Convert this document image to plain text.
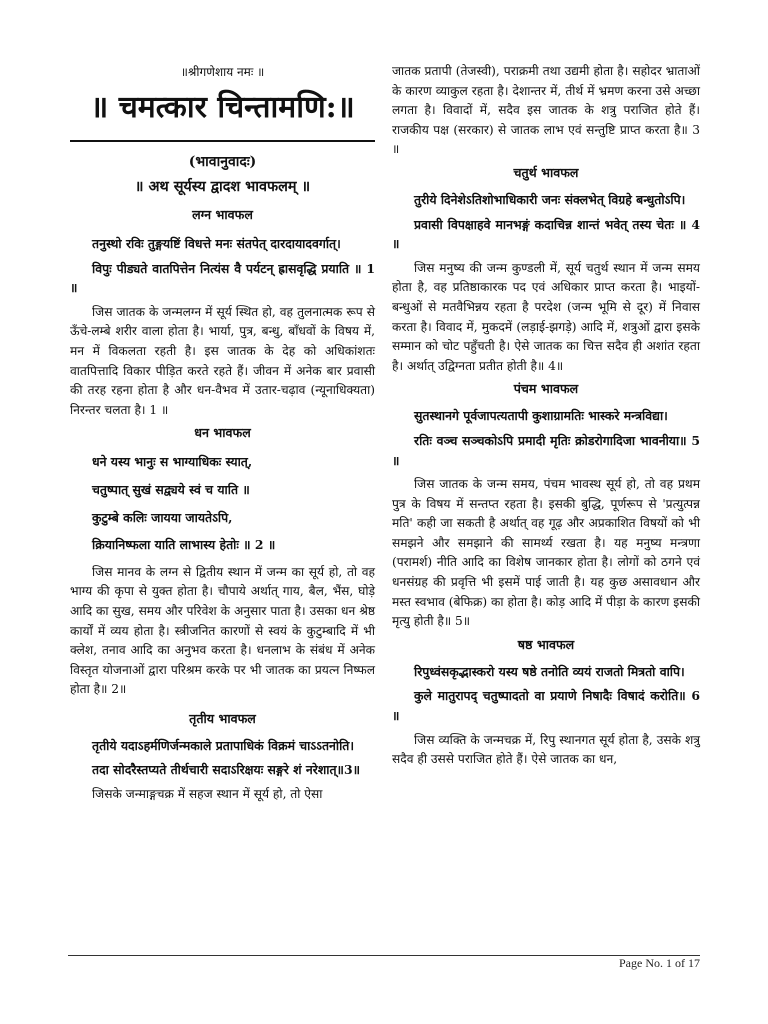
॥श्रीगणेशाय नमः ॥
॥ चमत्कार चिन्तामणि:॥
(भावानुवादः)
॥ अथ सूर्यस्य द्वादश भावफलम् ॥
लग्न भावफल

तनुस्थो रविः तुङ्गयष्टिं विधत्ते मनः संतपेत् दारदायादवर्गात्।

विपुः पीड्यते वातपित्तेन नित्यंस वै पर्यटन् ह्रासवृद्धि प्रयाति ॥ 1 ॥

जिस जातक के जन्मलग्न में सूर्य स्थित हो, वह तुलनात्मक रूप से ऊँचे-लम्बे शरीर वाला होता है। भार्या, पुत्र, बन्धु, बाँधवों के विषय में, मन में विकलता रहती है। इस जातक के देह को अधिकांशतः वातपित्तादि विकार पीड़ित करते रहते हैं। जीवन में अनेक बार प्रवासी की तरह रहना होता है और धन-वैभव में उतार-चढ़ाव (न्यूनाधिक्यता) निरन्तर चलता है। 1 ॥

धन भावफल

धने यस्य भानुः स भाग्याधिकः स्यात्,

चतुष्पात् सुखं सद्व्यये स्वं च याति ॥

कुटुम्बे कलिः जायया जायतेऽपि,

क्रियानिष्फला याति लाभास्य हेतोः ॥ 2 ॥

जिस मानव के लग्न से द्वितीय स्थान में जन्म का सूर्य हो, तो वह भाग्य की कृपा से युक्त होता है। चौपाये अर्थात् गाय, बैल, भैंस, घोड़े आदि का सुख, समय और परिवेश के अनुसार पाता है। उसका धन श्रेष्ठ कार्यों में व्यय होता है। स्त्रीजनित कारणों से स्वयं के कुटुम्बादि में भी क्लेश, तनाव आदि का अनुभव करता है। धनलाभ के संबंध में अनेक विस्तृत योजनाओं द्वारा परिश्रम करके पर भी जातक का प्रयत्न निष्फल होता है॥ 2॥

तृतीय भावफल

तृतीये यदाऽहर्मणिर्जन्मकाले प्रतापाधिकं विक्रमं चाऽऽतनोति।

तदा सोदरैस्तप्यते तीर्थचारी सदाऽरिक्षयः सङ्गरे शं नरेशात्॥3॥

जिसके जन्माङ्गचक्र में सहज स्थान में सूर्य हो, तो ऐसा

जातक प्रतापी (तेजस्वी), पराक्रमी तथा उद्यमी होता है। सहोदर भ्राताओं के कारण व्याकुल रहता है। देशान्तर में, तीर्थ में भ्रमण करना उसे अच्छा लगता है। विवादों में, सदैव इस जातक के शत्रु पराजित होते हैं। राजकीय पक्ष (सरकार) से जातक लाभ एवं सन्तुष्टि प्राप्त करता है॥ 3 ॥

चतुर्थ भावफल

तुरीये दिनेशेऽतिशोभाधिकारी जनः संक्लभेत् विग्रहे बन्धुतोऽपि।

प्रवासी विपक्षाहवे मानभङ्गं कदाचिन्न शान्तं भवेत् तस्य चेतः ॥ 4 ॥

जिस मनुष्य की जन्म कुण्डली में, सूर्य चतुर्थ स्थान में जन्म समय होता है, वह प्रतिष्ठाकारक पद एवं अधिकार प्राप्त करता है। भाइयों-बन्धुओं से मतवैभिन्नय रहता है परदेश (जन्म भूमि से दूर) में निवास करता है। विवाद में, मुकदमें (लड़ाई-झगड़े) आदि में, शत्रुओं द्वारा इसके सम्मान को चोट पहुँचती है। ऐसे जातक का चित्त सदैव ही अशांत रहता है। अर्थात् उद्विग्नता प्रतीत होती है॥ 4॥

पंचम भावफल

सुतस्थानगे पूर्वजापत्यतापी कुशाग्रामतिः भास्करे मन्त्रविद्या।

रतिः वञ्च सञ्चकोऽपि प्रमादी मृतिः क्रोडरोगादिजा भावनीया॥ 5 ॥

जिस जातक के जन्म समय, पंचम भावस्थ सूर्य हो, तो वह प्रथम पुत्र के विषय में सन्तप्त रहता है। इसकी बुद्धि, पूर्णरूप से 'प्रत्युत्पन्न मति' कही जा सकती है अर्थात् वह गूढ़ और अप्रकाशित विषयों को भी समझने और समझाने की सामर्थ्य रखता है। यह मनुष्य मन्त्रणा (परामर्श) नीति आदि का विशेष जानकार होता है। लोगों को ठगने एवं धनसंग्रह की प्रवृत्ति भी इसमें पाई जाती है। यह कुछ असावधान और मस्त स्वभाव (बेफिक्र) का होता है। कोड़ आदि में पीड़ा के कारण इसकी मृत्यु होती है॥ 5॥

षष्ठ भावफल

रिपुध्वंसकृद्भास्करो यस्य षष्ठे तनोति व्ययं राजतो मित्रतो वापि।

कुले मातुरापद् चतुष्पादतो वा प्रयाणे निषादैः विषादं करोति॥ 6 ॥

जिस व्यक्ति के जन्मचक्र में, रिपु स्थानगत सूर्य होता है, उसके शत्रु सदैव ही उससे पराजित होते हैं। ऐसे जातक का धन,

Page No. 1 of 17
